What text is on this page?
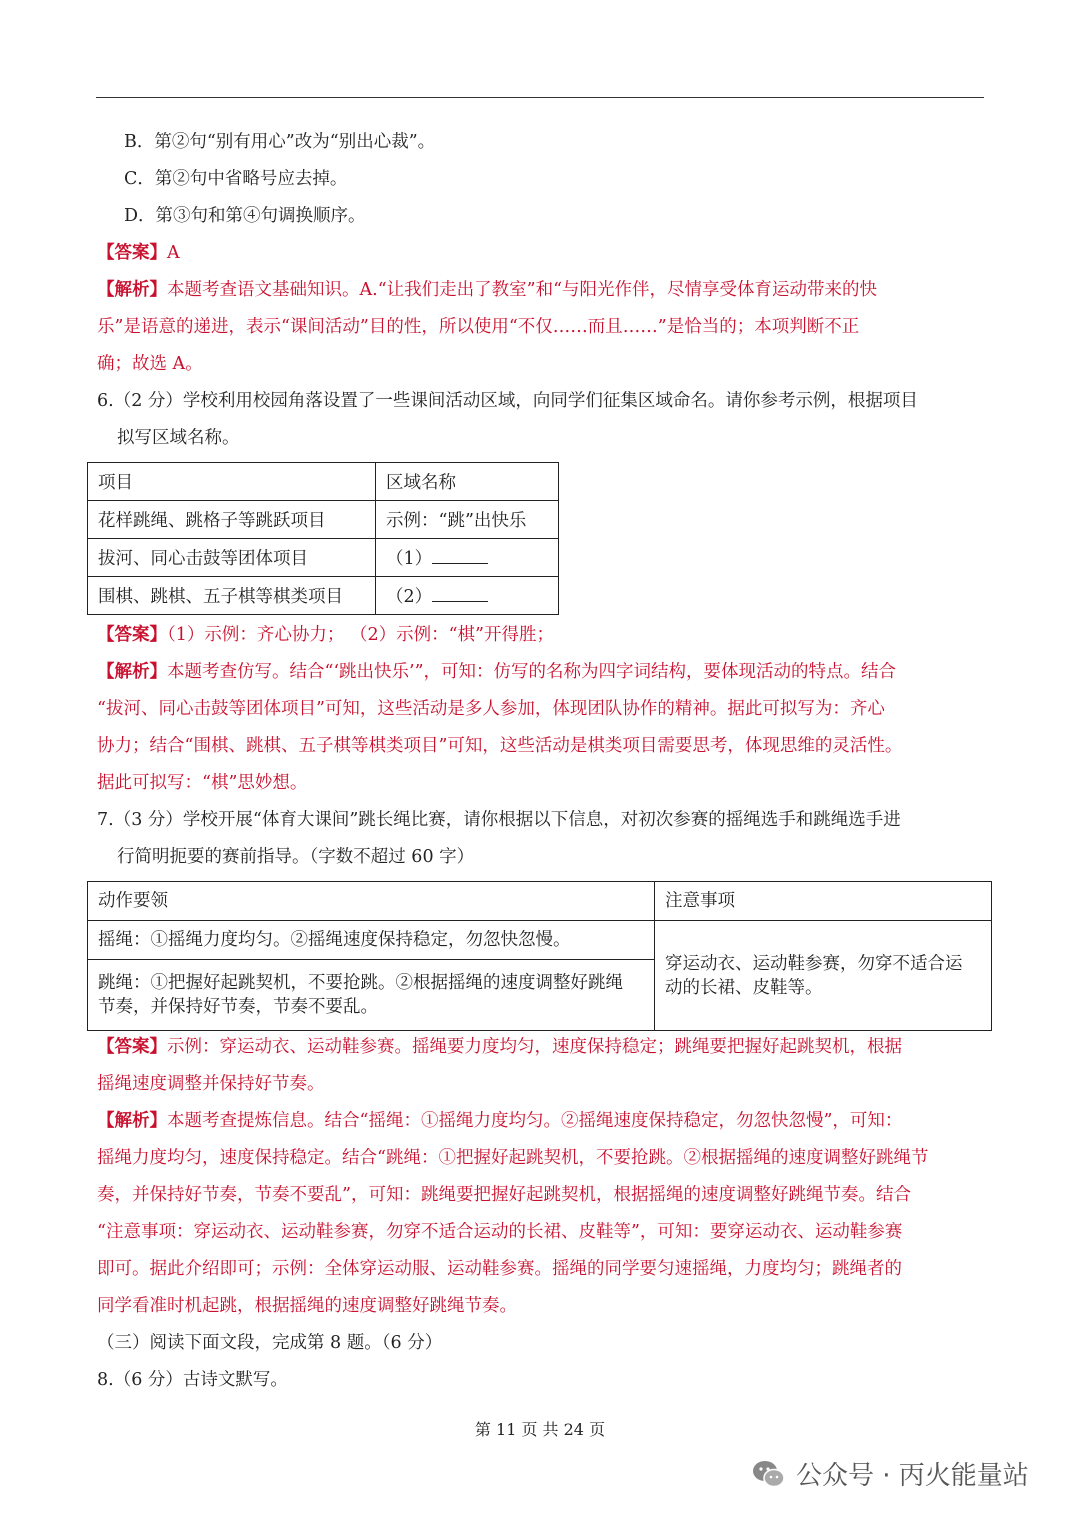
B．第②句“别有用心”改为“别出心裁”。
C．第②句中省略号应去掉。
D．第③句和第④句调换顺序。
【答案】A
【解析】本题考查语文基础知识。A.“让我们走出了教室”和“与阳光作伴，尽情享受体育运动带来的快
乐”是语意的递进，表示“课间活动”目的性，所以使用“不仅……而且……”是恰当的；本项判断不正
确；故选 A。
6.（2 分）学校利用校园角落设置了一些课间活动区域，向同学们征集区域命名。请你参考示例，根据项目
拟写区域名称。
项目	区域名称
花样跳绳、跳格子等跳跃项目	示例：“跳”出快乐
拔河、同心击鼓等团体项目	（1）
围棋、跳棋、五子棋等棋类项目	（2）
【答案】（1）示例：齐心协力； （2）示例：“棋”开得胜；
【解析】本题考查仿写。结合“‘跳出快乐’”，可知：仿写的名称为四字词结构，要体现活动的特点。结合
“拔河、同心击鼓等团体项目”可知，这些活动是多人参加，体现团队协作的精神。据此可拟写为：齐心
协力；结合“围棋、跳棋、五子棋等棋类项目”可知，这些活动是棋类项目需要思考，体现思维的灵活性。
据此可拟写：“棋”思妙想。
7.（3 分）学校开展“体育大课间”跳长绳比赛，请你根据以下信息，对初次参赛的摇绳选手和跳绳选手进
行简明扼要的赛前指导。（字数不超过 60 字）
动作要领	注意事项
摇绳：①摇绳力度均匀。②摇绳速度保持稳定，勿忽快忽慢。	穿运动衣、运动鞋参赛，勿穿不适合运
动的长裙、皮鞋等。

跳绳：①把握好起跳契机，不要抢跳。②根据摇绳的速度调整好跳绳
节奏，并保持好节奏，节奏不要乱。	
【答案】示例：穿运动衣、运动鞋参赛。摇绳要力度均匀，速度保持稳定；跳绳要把握好起跳契机，根据
摇绳速度调整并保持好节奏。
【解析】本题考查提炼信息。结合“摇绳：①摇绳力度均匀。②摇绳速度保持稳定，勿忽快忽慢”，可知：
摇绳力度均匀，速度保持稳定。结合“跳绳：①把握好起跳契机，不要抢跳。②根据摇绳的速度调整好跳绳节
奏，并保持好节奏，节奏不要乱”，可知：跳绳要把握好起跳契机，根据摇绳的速度调整好跳绳节奏。结合
“注意事项：穿运动衣、运动鞋参赛，勿穿不适合运动的长裙、皮鞋等”，可知：要穿运动衣、运动鞋参赛
即可。据此介绍即可；示例：全体穿运动服、运动鞋参赛。摇绳的同学要匀速摇绳，力度均匀；跳绳者的
同学看准时机起跳，根据摇绳的速度调整好跳绳节奏。
（三）阅读下面文段，完成第 8 题。（6 分）
8.（6 分）古诗文默写。
第 11 页 共 24 页
公众号 · 丙火能量站
